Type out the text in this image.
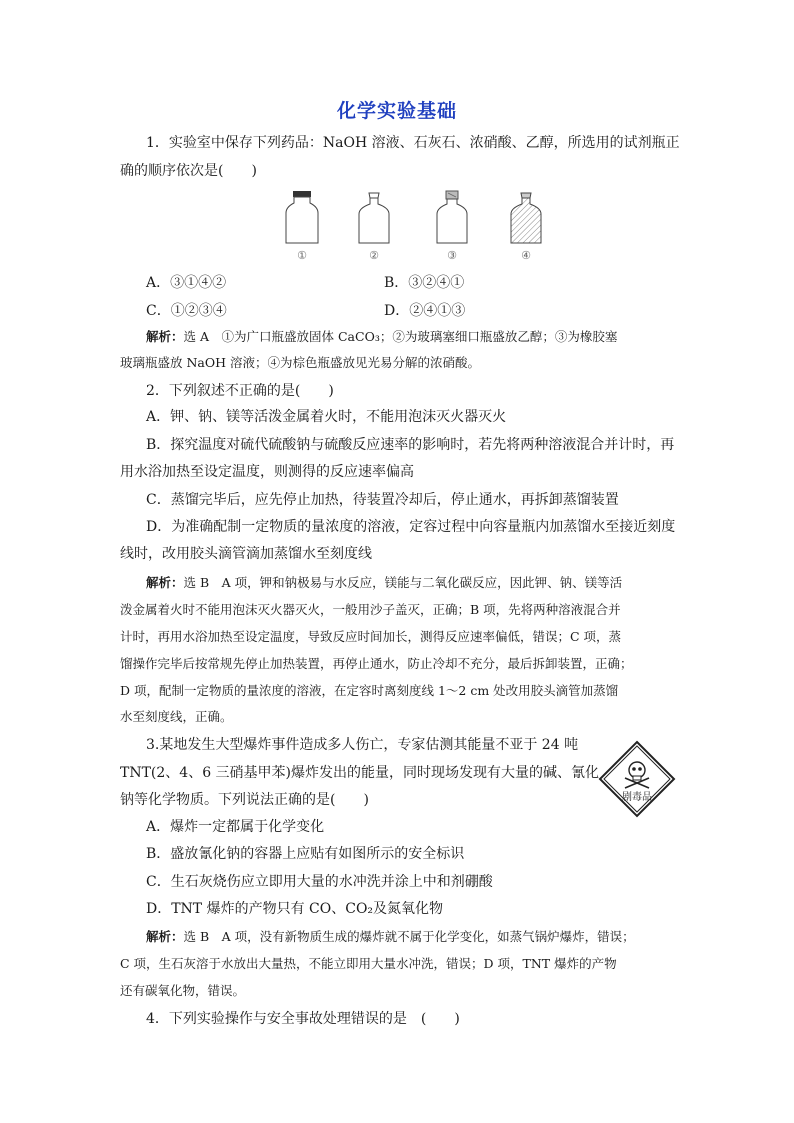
化学实验基础
1．实验室中保存下列药品：NaOH 溶液、石灰石、浓硝酸、乙醇，所选用的试剂瓶正
确的顺序依次是(　　)
①	②	③	④
A．③①④②	B．③②④①
C．①②③④	D．②④①③
解析：选 A　①为广口瓶盛放固体 CaCO₃；②为玻璃塞细口瓶盛放乙醇；③为橡胶塞
玻璃瓶盛放 NaOH 溶液；④为棕色瓶盛放见光易分解的浓硝酸。
2．下列叙述不正确的是(　　)
A．钾、钠、镁等活泼金属着火时，不能用泡沫灭火器灭火
B．探究温度对硫代硫酸钠与硫酸反应速率的影响时，若先将两种溶液混合并计时，再
用水浴加热至设定温度，则测得的反应速率偏高
C．蒸馏完毕后，应先停止加热，待装置冷却后，停止通水，再拆卸蒸馏装置
D．为准确配制一定物质的量浓度的溶液，定容过程中向容量瓶内加蒸馏水至接近刻度
线时，改用胶头滴管滴加蒸馏水至刻度线
解析：选 B　A 项，钾和钠极易与水反应，镁能与二氧化碳反应，因此钾、钠、镁等活
泼金属着火时不能用泡沫灭火器灭火，一般用沙子盖灭，正确；B 项，先将两种溶液混合并
计时，再用水浴加热至设定温度，导致反应时间加长，测得反应速率偏低，错误；C 项，蒸
馏操作完毕后按常规先停止加热装置，再停止通水，防止冷却不充分，最后拆卸装置，正确；
D 项，配制一定物质的量浓度的溶液，在定容时离刻度线 1～2 cm 处改用胶头滴管加蒸馏
水至刻度线，正确。
3.某地发生大型爆炸事件造成多人伤亡，专家估测其能量不亚于 24 吨
TNT(2、4、6 三硝基甲苯)爆炸发出的能量，同时现场发现有大量的碱、氰化
钠等化学物质。下列说法正确的是(　　)	剧毒品
A．爆炸一定都属于化学变化
B．盛放氰化钠的容器上应贴有如图所示的安全标识
C．生石灰烧伤应立即用大量的水冲洗并涂上中和剂硼酸
D．TNT 爆炸的产物只有 CO、CO₂及氮氧化物
解析：选 B　A 项，没有新物质生成的爆炸就不属于化学变化，如蒸气锅炉爆炸，错误；
C 项，生石灰溶于水放出大量热，不能立即用大量水冲洗，错误；D 项，TNT 爆炸的产物
还有碳氧化物，错误。
4．下列实验操作与安全事故处理错误的是　(　　)
